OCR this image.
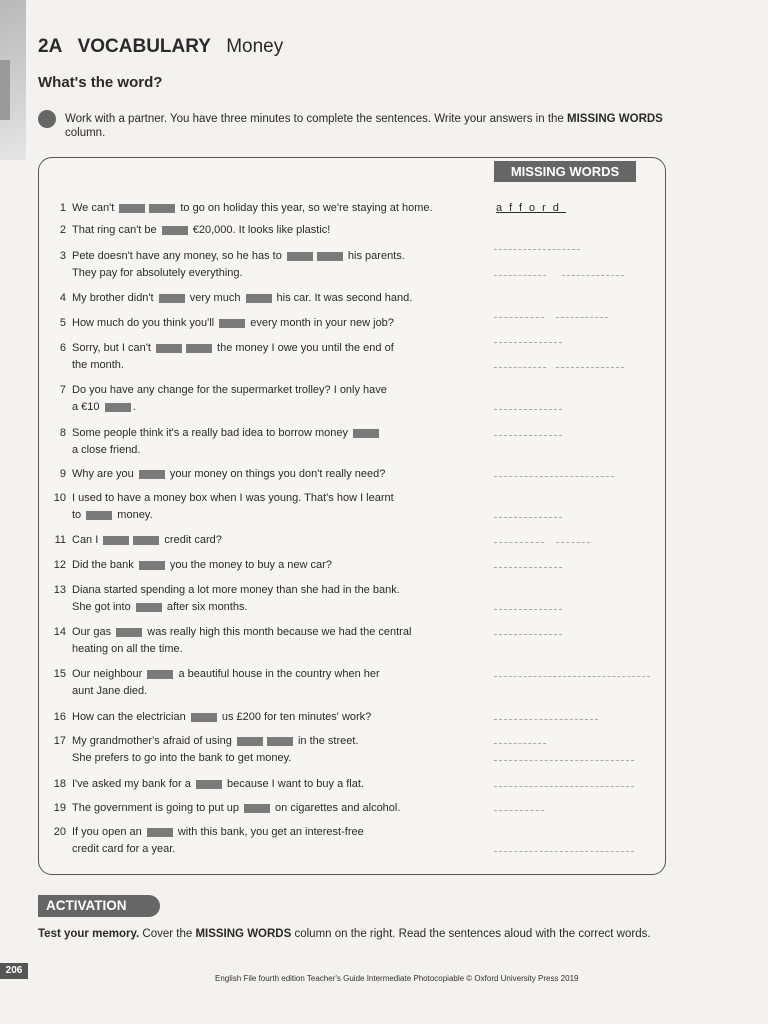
2A VOCABULARY Money
What's the word?
Work with a partner. You have three minutes to complete the sentences. Write your answers in the MISSING WORDS column.
MISSING WORDS
1 We can't	to go on holiday this year, so we're staying at home.	afford
2 That ring can't be	€20,000. It looks like plastic!
3 Pete doesn't have any money, so he has to	his parents.
They pay for absolutely everything.
4 My brother didn't	very much	his car. It was second hand.
5 How much do you think you'll	every month in your new job?
6 Sorry, but I can't	the money I owe you until the end of
the month.
7 Do you have any change for the supermarket trolley? I only have
a €10	.
8 Some people think it's a really bad idea to borrow money
a close friend.
9 Why are you	your money on things you don't really need?
10 I used to have a money box when I was young. That's how I learnt
to	money.
11 Can I	credit card?
12 Did the bank	you the money to buy a new car?
13 Diana started spending a lot more money than she had in the bank.
She got into	after six months.
14 Our gas	was really high this month because we had the central
heating on all the time.
15 Our neighbour	a beautiful house in the country when her
aunt Jane died.
16 How can the electrician	us £200 for ten minutes' work?
17 My grandmother's afraid of using	in the street.
She prefers to go into the bank to get money.
18 I've asked my bank for a	because I want to buy a flat.
19 The government is going to put up	on cigarettes and alcohol.
20 If you open an	with this bank, you get an interest-free
credit card for a year.
ACTIVATION
Test your memory. Cover the MISSING WORDS column on the right. Read the sentences aloud with the correct words.
206
English File fourth edition Teacher's Guide Intermediate Photocopiable © Oxford University Press 2019
